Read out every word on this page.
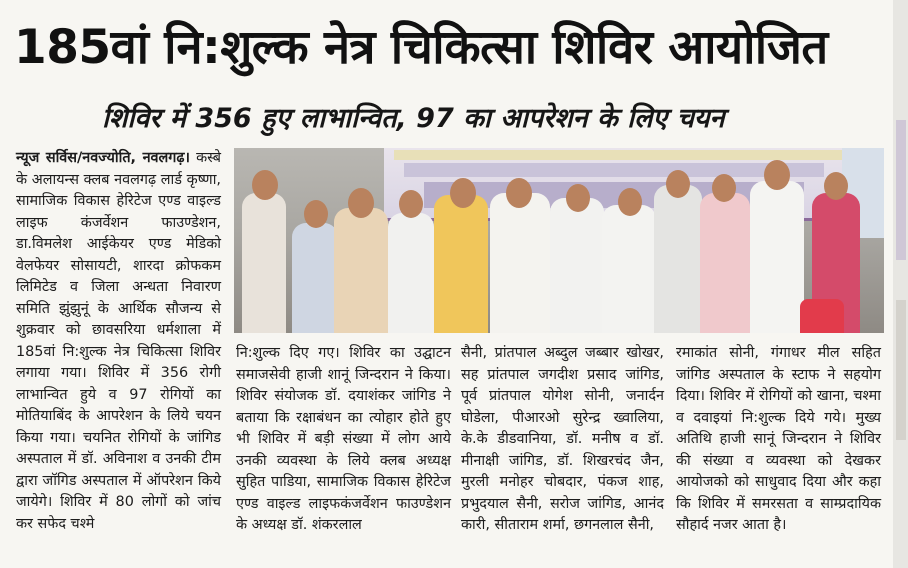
185वां नि:शुल्क नेत्र चिकित्सा शिविर आयोजित
शिविर में 356 हुए लाभान्वित, 97 का आपरेशन के लिए चयन

न्यूज सर्विस/नवज्योति, नवलगढ़। कस्बे के अलायन्स क्लब नवलगढ़ लार्ड कृष्णा, सामाजिक विकास हेरिटेज एण्ड वाइल्ड लाइफ कंजर्वेशन फाउण्डेशन, डा.विमलेश आईकेयर एण्ड मेडिको वेलफेयर सोसायटी, शारदा क्रोफकम लिमिटेड व जिला अन्धता निवारण समिति झुंझुनूं के आर्थिक सौजन्य से शुक्रवार को छावसरिया धर्मशाला में 185वां नि:शुल्क नेत्र चिकित्सा शिविर लगाया गया। शिविर में 356 रोगी लाभान्वित हुये व 97 रोगियों का मोतियाबिंद के आपरेशन के लिये चयन किया गया। चयनित रोगियों के जांगिड अस्पताल में डॉ. अविनाश व उनकी टीम द्वारा जॉगिड अस्पताल में ऑपरेशन किये जायेगे। शिविर में 80 लोगों को जांच कर सफेद चश्मे

नि:शुल्क दिए गए। शिविर का उद्घाटन समाजसेवी हाजी शानूं जिन्दरान ने किया। शिविर संयोजक डॉ. दयाशंकर जांगिड ने बताया कि रक्षाबंधन का त्योहार होते हुए भी शिविर में बड़ी संख्या में लोग आये उनकी व्यवस्था के लिये क्लब अध्यक्ष सुहित पाडिया, सामाजिक विकास हेरिटेज एण्ड वाइल्ड लाइफकंजर्वेशन फाउण्डेशन के अध्यक्ष डॉ. शंकरलाल
सैनी, प्रांतपाल अब्दुल जब्बार खोखर, सह प्रांतपाल जगदीश प्रसाद जांगिड, पूर्व प्रांतपाल योगेश सोनी, जनार्दन घोडेला, पीआरओ सुरेन्द्र ख्वालिया, के.के डीडवानिया, डॉ. मनीष व डॉ. मीनाक्षी जांगिड, डॉ. शिखरचंद जैन, मुरली मनोहर चोबदार, पंकज शाह, प्रभुदयाल सैनी, सरोज जांगिड, आनंद कारी, सीताराम शर्मा, छगनलाल सैनी,
रमाकांत सोनी, गंगाधर मील सहित जांगिड अस्पताल के स्टाफ ने सहयोग दिया। शिविर में रोगियों को खाना, चश्मा व दवाइयां नि:शुल्क दिये गये। मुख्य अतिथि हाजी सानूं जिन्दरान ने शिविर की संख्या व व्यवस्था को देखकर आयोजको को साधुवाद दिया और कहा कि शिविर में समरसता व साम्प्रदायिक सौहार्द नजर आता है।
